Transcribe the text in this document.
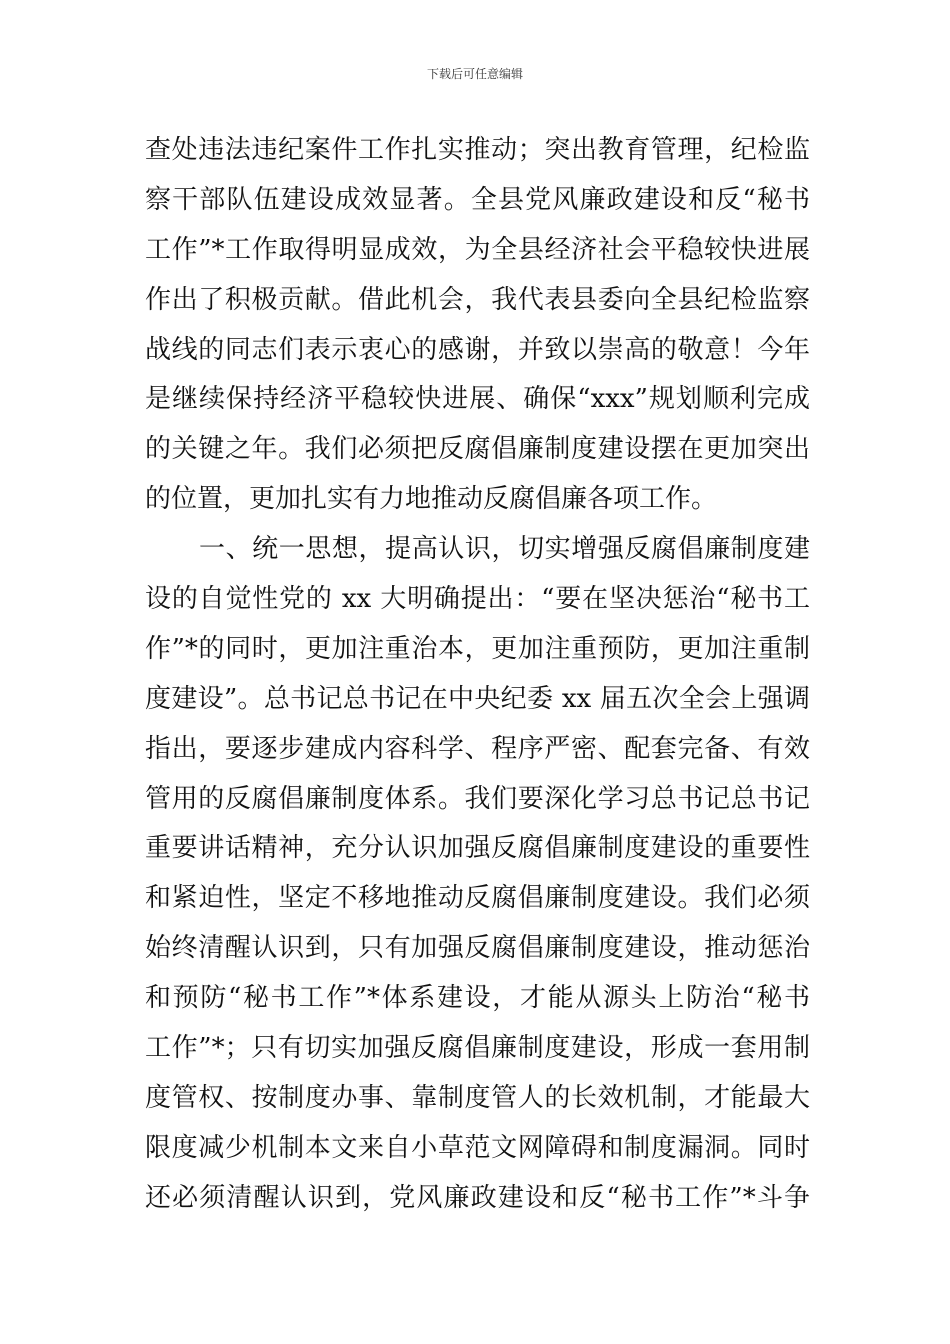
下载后可任意编辑
查处违法违纪案件工作扎实推动；突出教育管理，纪检监
察干部队伍建设成效显著。全县党风廉政建设和反“秘书
工作”*工作取得明显成效，为全县经济社会平稳较快进展
作出了积极贡献。借此机会，我代表县委向全县纪检监察
战线的同志们表示衷心的感谢，并致以崇高的敬意！今年
是继续保持经济平稳较快进展、确保“xxx”规划顺利完成
的关键之年。我们必须把反腐倡廉制度建设摆在更加突出
的位置，更加扎实有力地推动反腐倡廉各项工作。
一、统一思想，提高认识，切实增强反腐倡廉制度建
设的自觉性党的 xx 大明确提出：“要在坚决惩治“秘书工
作”*的同时，更加注重治本，更加注重预防，更加注重制
度建设”。总书记总书记在中央纪委 xx 届五次全会上强调
指出，要逐步建成内容科学、程序严密、配套完备、有效
管用的反腐倡廉制度体系。我们要深化学习总书记总书记
重要讲话精神，充分认识加强反腐倡廉制度建设的重要性
和紧迫性，坚定不移地推动反腐倡廉制度建设。我们必须
始终清醒认识到，只有加强反腐倡廉制度建设，推动惩治
和预防“秘书工作”*体系建设，才能从源头上防治“秘书
工作”*；只有切实加强反腐倡廉制度建设，形成一套用制
度管权、按制度办事、靠制度管人的长效机制，才能最大
限度减少机制本文来自小草范文网障碍和制度漏洞。同时
还必须清醒认识到，党风廉政建设和反“秘书工作”*斗争
